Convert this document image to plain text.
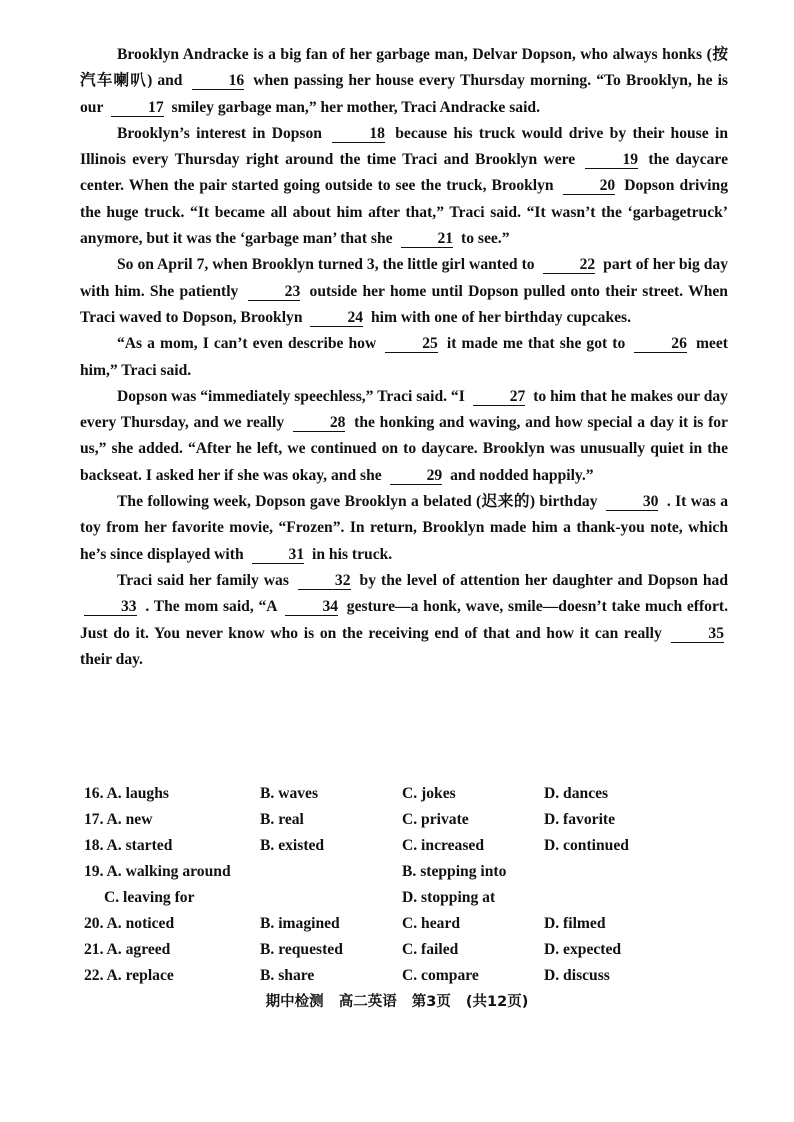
Brooklyn Andracke is a big fan of her garbage man, Delvar Dopson, who always honks (按汽车喇叭) and	16 when passing her house every Thursday morning. “To Brooklyn, he is our	17 smiley garbage man,” her mother, Traci Andracke said.

Brooklyn’s interest in Dopson	18 because his truck would drive by their house in Illinois every Thursday right around the time Traci and Brooklyn were	19 the daycare center. When the pair started going outside to see the truck, Brooklyn	20 Dopson driving the huge truck. “It became all about him after that,” Traci said. “It wasn’t the ‘garbagetruck’ anymore, but it was the ‘garbage man’ that she	21 to see.”

So on April 7, when Brooklyn turned 3, the little girl wanted to	22 part of her big day with him. She patiently	23 outside her home until Dopson pulled onto their street. When Traci waved to Dopson, Brooklyn	24 him with one of her birthday cupcakes.

“As a mom, I can’t even describe how	25 it made me that she got to	26 meet him,” Traci said.

Dopson was “immediately speechless,” Traci said. “I	27 to him that he makes our day every Thursday, and we really	28 the honking and waving, and how special a day it is for us,” she added. “After he left, we continued on to daycare. Brooklyn was unusually quiet in the backseat. I asked her if she was okay, and she	29 and nodded happily.”

The following week, Dopson gave Brooklyn a belated (迟来的) birthday	30 . It was a toy from her favorite movie, “Frozen”. In return, Brooklyn made him a thank-you note, which he’s since displayed with	31 in his truck.

Traci said her family was	32 by the level of attention her daughter and Dopson had 33 . The mom said, “A	34 gesture—a honk, wave, smile—doesn’t take much effort. Just do it. You never know who is on the receiving end of that and how it can really	35 their day.

16. A. laughs	B. waves	C. jokes	D. dances
17. A. new	B. real	C. private	D. favorite
18. A. started	B. existed	C. increased	D. continued
19. A. walking around	B. stepping into
C. leaving for	D. stopping at
20. A. noticed	B. imagined	C. heard	D. filmed
21. A. agreed	B. requested	C. failed	D. expected
22. A. replace	B. share	C. compare	D. discuss
期中检测 高二英语 第3页 (共12页)
